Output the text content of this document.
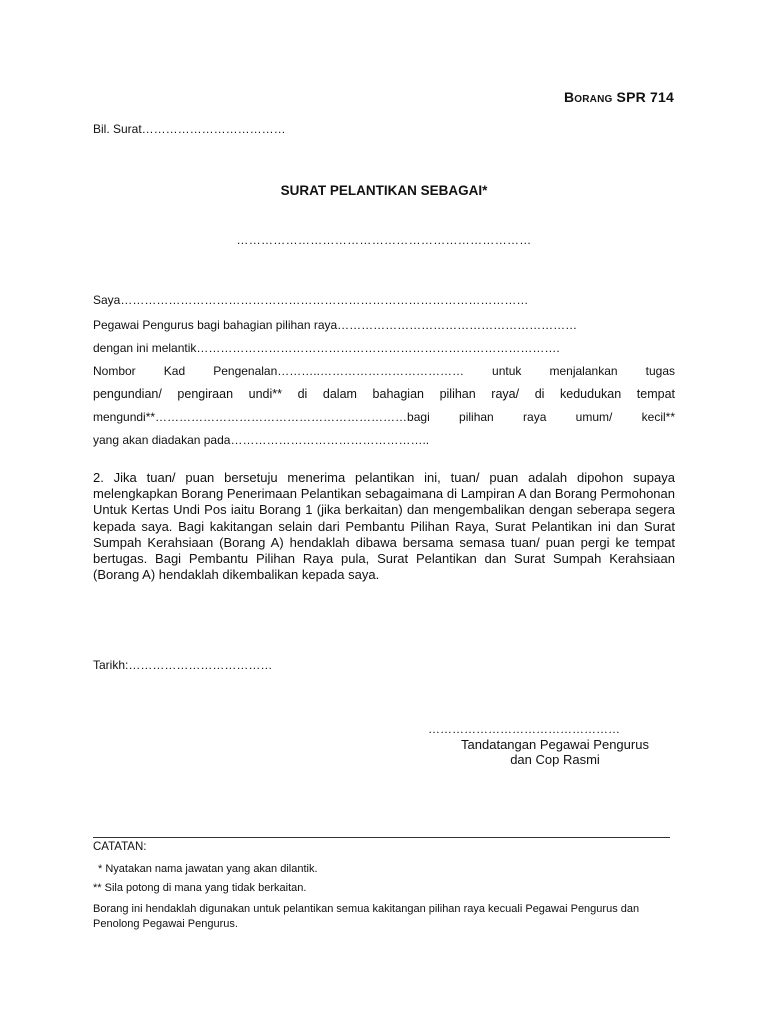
Borang SPR 714
Bil. Surat………………………………
SURAT PELANTIKAN SEBAGAI*
………………………………………………………………
Saya…………………………………………………………………………………………
Pegawai Pengurus bagi bahagian pilihan raya……………………………………………………
dengan ini melantik……………………………………………………………………………….
Nombor Kad Pengenalan………..……………………………… untuk menjalankan tugas
pengundian/ pengiraan undi** di dalam bahagian pilihan raya/ di kedudukan tempat
mengundi**………………………………………………………bagi pilihan raya umum/ kecil**
yang akan diadakan pada…………………………………………..
2. Jika tuan/ puan bersetuju menerima pelantikan ini, tuan/ puan adalah dipohon supaya melengkapkan Borang Penerimaan Pelantikan sebagaimana di Lampiran A dan Borang Permohonan Untuk Kertas Undi Pos iaitu Borang 1 (jika berkaitan) dan mengembalikan dengan seberapa segera kepada saya. Bagi kakitangan selain dari Pembantu Pilihan Raya, Surat Pelantikan ini dan Surat Sumpah Kerahsiaan (Borang A) hendaklah dibawa bersama semasa tuan/ puan pergi ke tempat bertugas. Bagi Pembantu Pilihan Raya pula, Surat Pelantikan dan Surat Sumpah Kerahsiaan (Borang A) hendaklah dikembalikan kepada saya.
Tarikh:………………………………
…………………………………………
Tandatangan Pegawai Pengurus
dan Cop Rasmi
CATATAN:
* Nyatakan nama jawatan yang akan dilantik.
** Sila potong di mana yang tidak berkaitan.
Borang ini hendaklah digunakan untuk pelantikan semua kakitangan pilihan raya kecuali Pegawai Pengurus dan Penolong Pegawai Pengurus.
